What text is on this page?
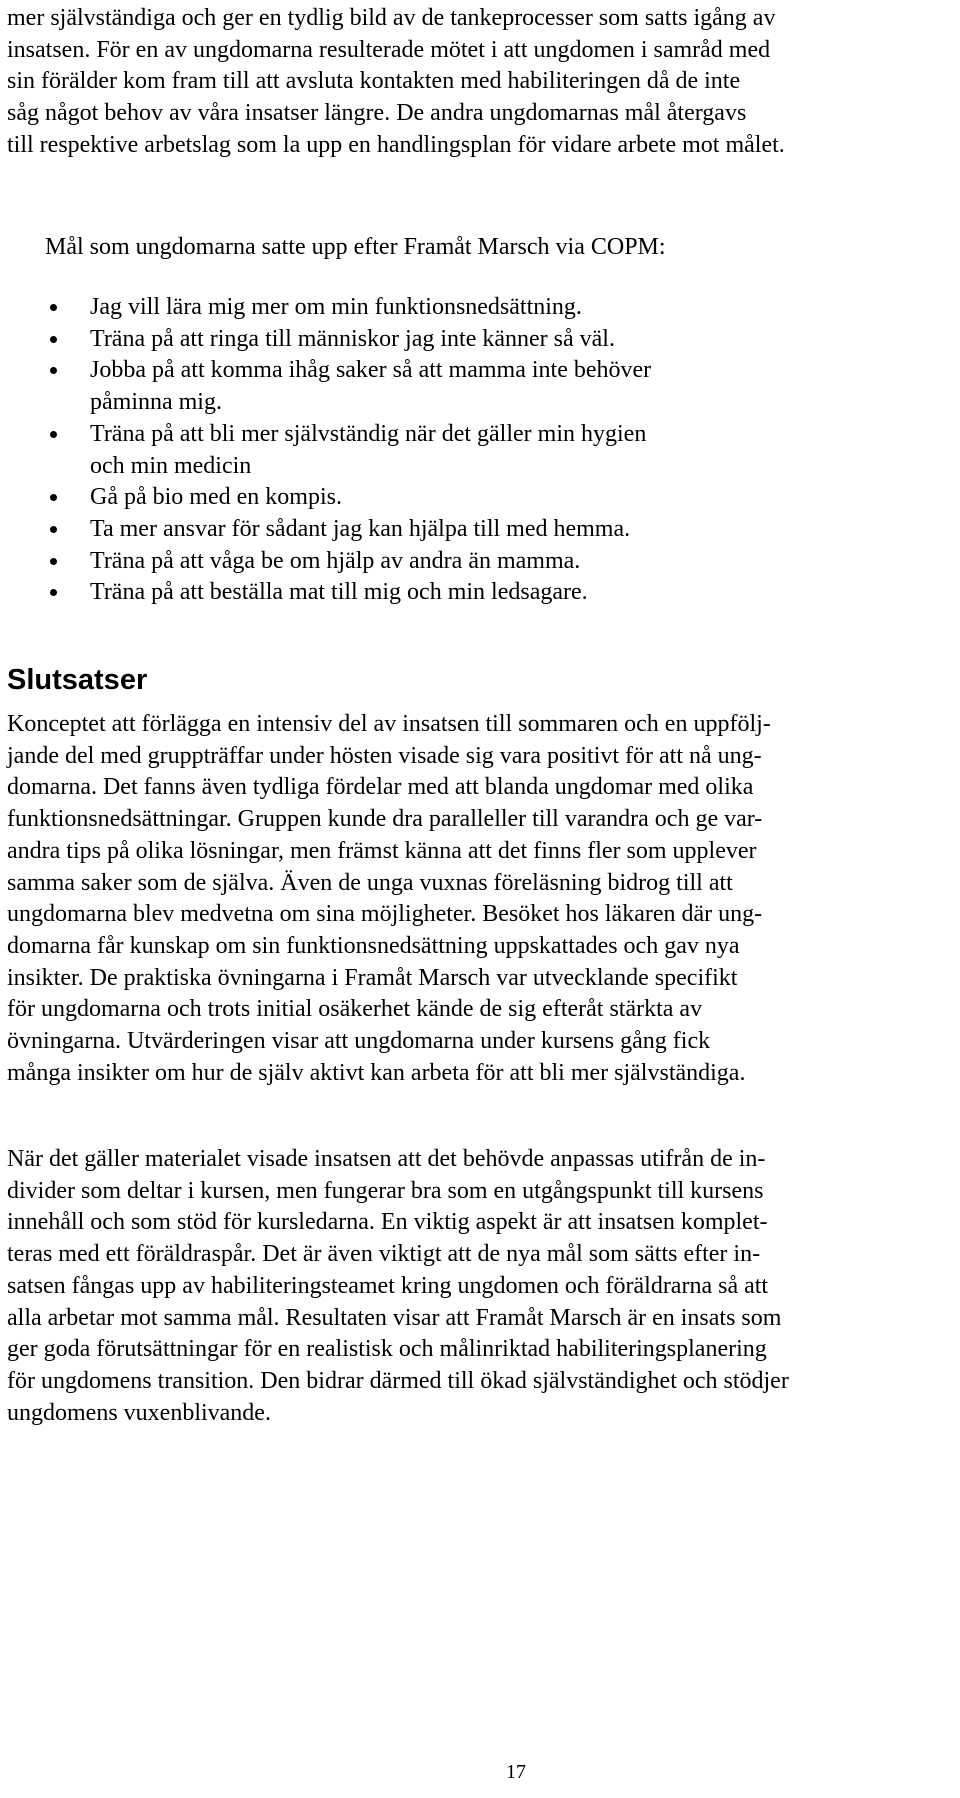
mer självständiga och ger en tydlig bild av de tankeprocesser som satts igång av
insatsen. För en av ungdomarna resulterade mötet i att ungdomen i samråd med
sin förälder kom fram till att avsluta kontakten med habiliteringen då de inte
såg något behov av våra insatser längre. De andra ungdomarnas mål återgavs
till respektive arbetslag som la upp en handlingsplan för vidare arbete mot målet.

Mål som ungdomarna satte upp efter Framåt Marsch via COPM:

Jag vill lära mig mer om min funktionsnedsättning.
Träna på att ringa till människor jag inte känner så väl.
Jobba på att komma ihåg saker så att mamma inte behöver
påminna mig.
Träna på att bli mer självständig när det gäller min hygien
och min medicin
Gå på bio med en kompis.
Ta mer ansvar för sådant jag kan hjälpa till med hemma.
Träna på att våga be om hjälp av andra än mamma.
Träna på att beställa mat till mig och min ledsagare.
Slutsatser

Konceptet att förlägga en intensiv del av insatsen till sommaren och en uppfölj-
jande del med gruppträffar under hösten visade sig vara positivt för att nå ung-
domarna. Det fanns även tydliga fördelar med att blanda ungdomar med olika
funktionsnedsättningar. Gruppen kunde dra paralleller till varandra och ge var-
andra tips på olika lösningar, men främst känna att det finns fler som upplever
samma saker som de själva. Även de unga vuxnas föreläsning bidrog till att
ungdomarna blev medvetna om sina möjligheter. Besöket hos läkaren där ung-
domarna får kunskap om sin funktionsnedsättning uppskattades och gav nya
insikter. De praktiska övningarna i Framåt Marsch var utvecklande specifikt
för ungdomarna och trots initial osäkerhet kände de sig efteråt stärkta av
övningarna. Utvärderingen visar att ungdomarna under kursens gång fick
många insikter om hur de själv aktivt kan arbeta för att bli mer självständiga.

När det gäller materialet visade insatsen att det behövde anpassas utifrån de in-
divider som deltar i kursen, men fungerar bra som en utgångspunkt till kursens
innehåll och som stöd för kursledarna. En viktig aspekt är att insatsen komplet-
teras med ett föräldraspår. Det är även viktigt att de nya mål som sätts efter in-
satsen fångas upp av habiliteringsteamet kring ungdomen och föräldrarna så att
alla arbetar mot samma mål. Resultaten visar att Framåt Marsch är en insats som
ger goda förutsättningar för en realistisk och målinriktad habiliteringsplanering
för ungdomens transition. Den bidrar därmed till ökad självständighet och stödjer
ungdomens vuxenblivande.

17
